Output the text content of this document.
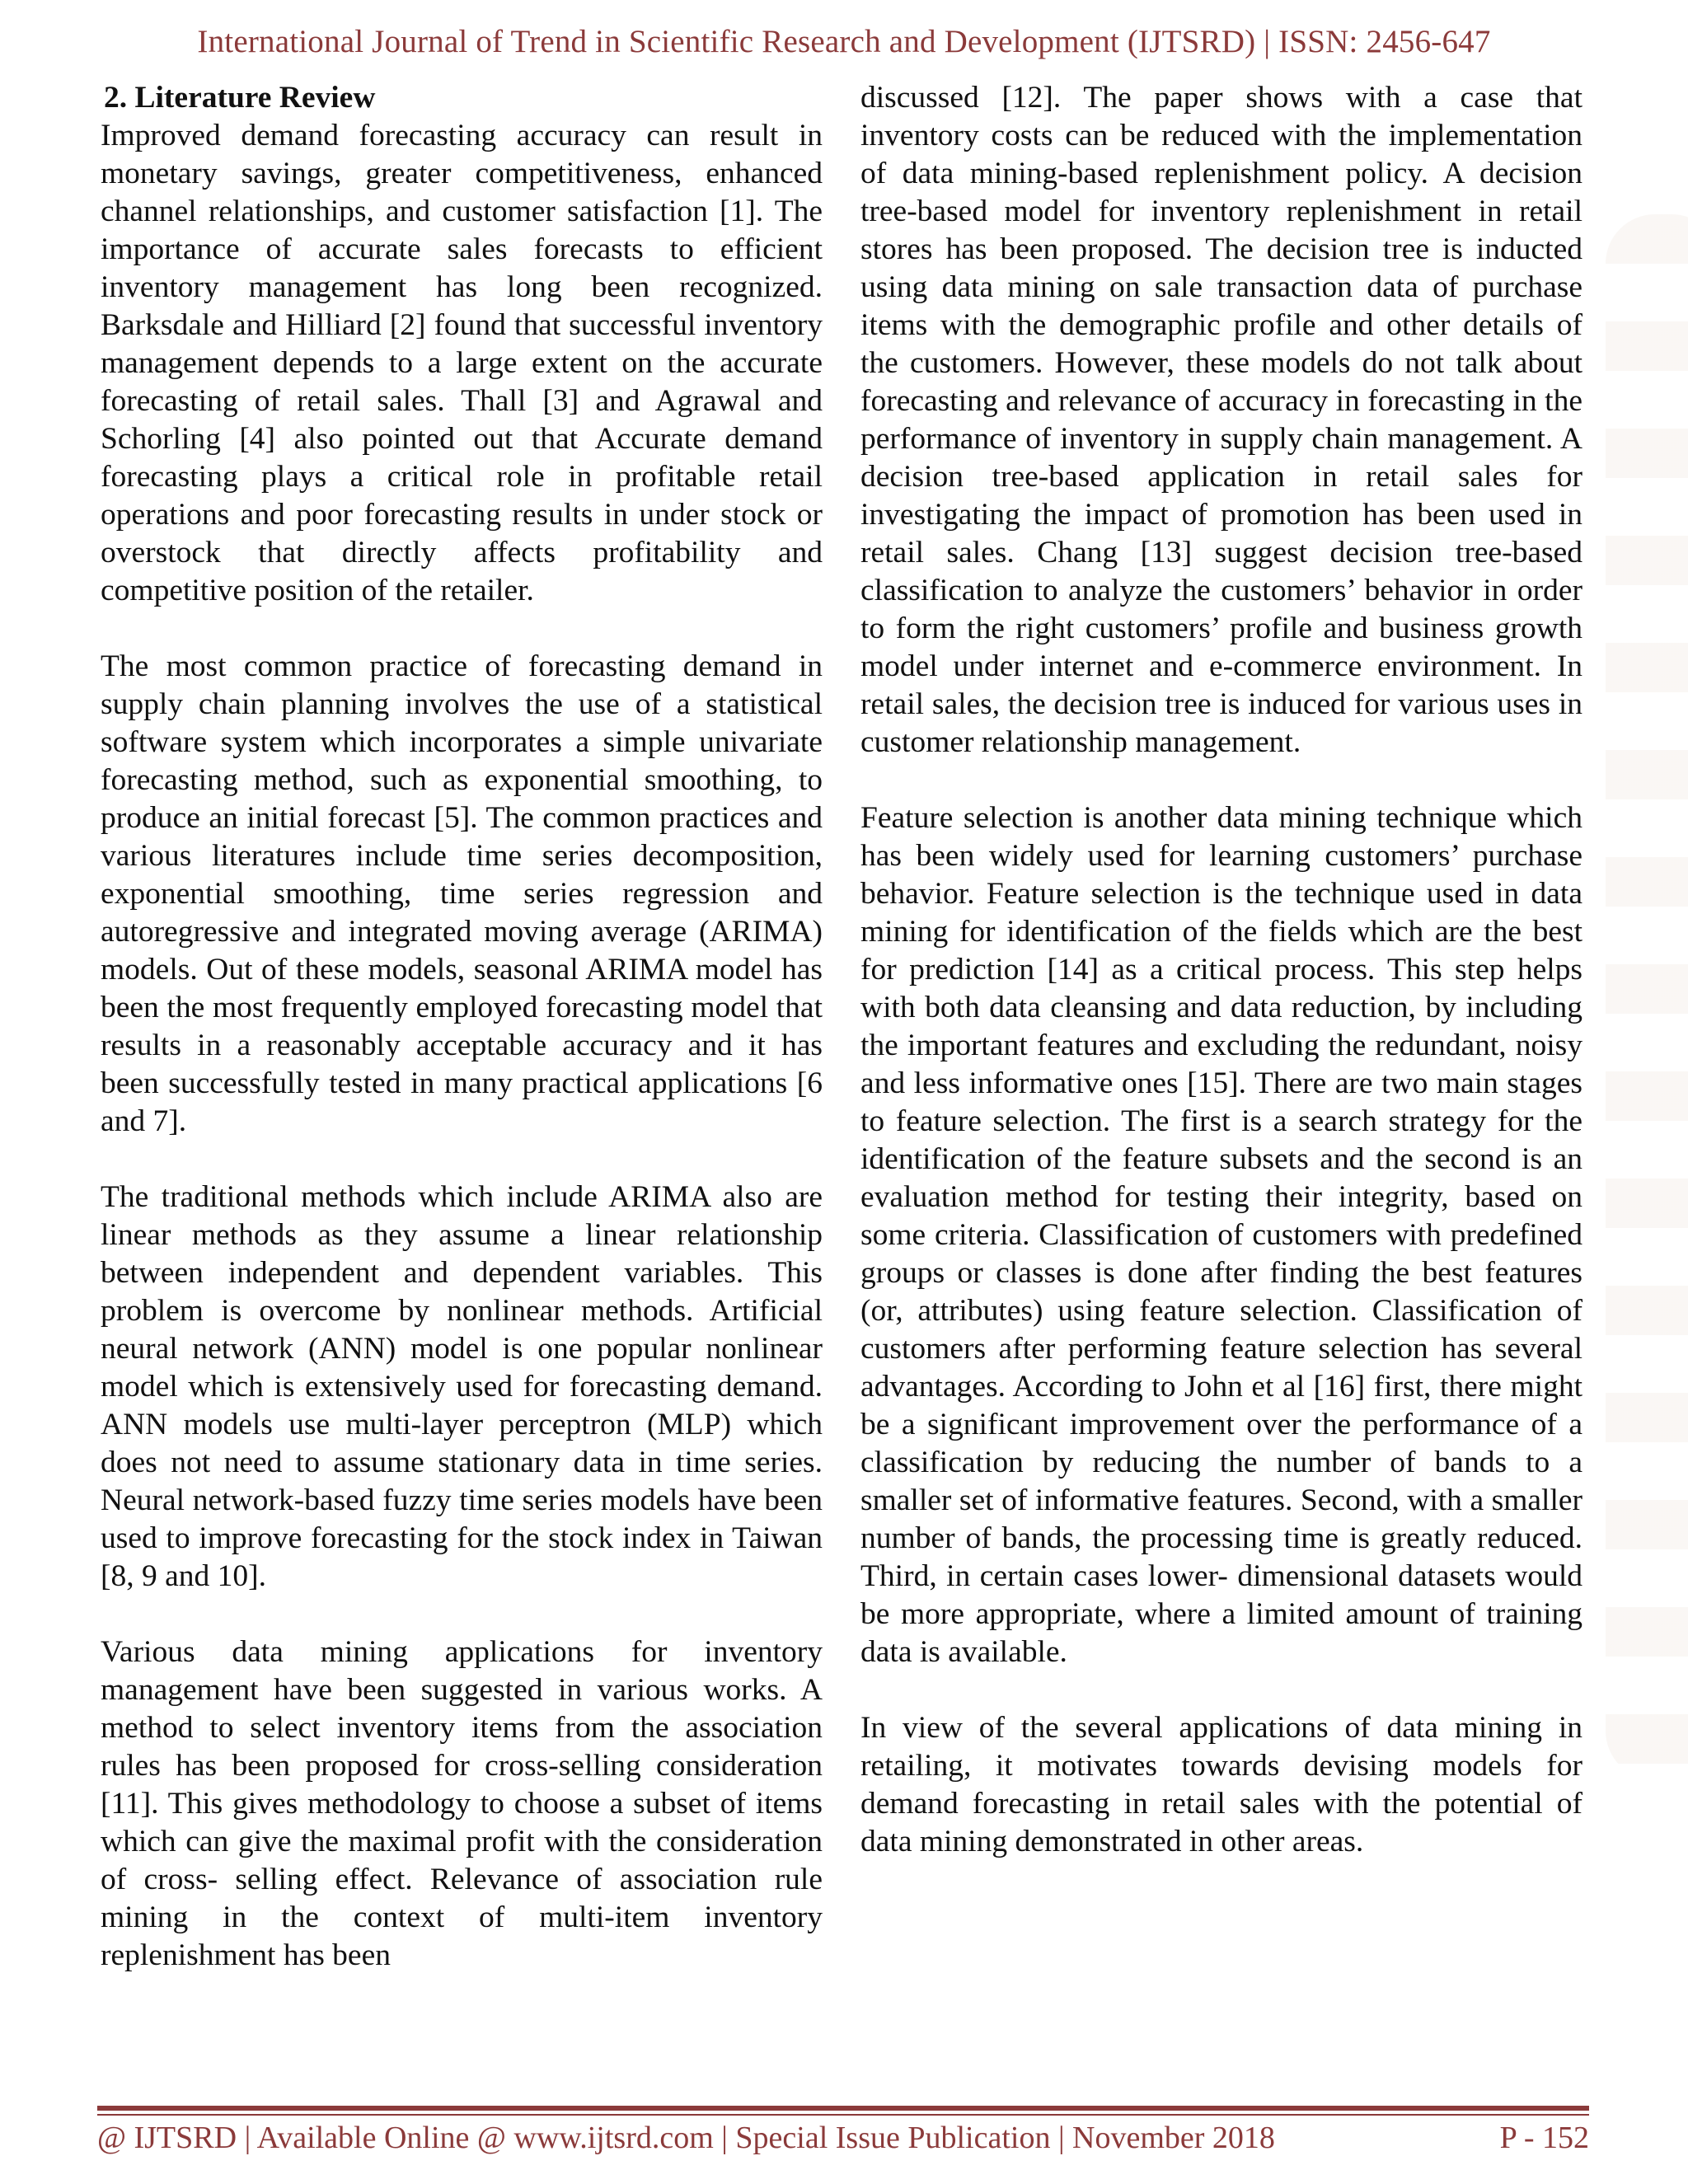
International Journal of Trend in Scientific Research and Development (IJTSRD) | ISSN: 2456-647
2. Literature Review

Improved demand forecasting accuracy can result in monetary savings, greater competitiveness, enhanced channel relationships, and customer satisfaction [1]. The importance of accurate sales forecasts to efficient inventory management has long been recognized. Barksdale and Hilliard [2] found that successful inventory management depends to a large extent on the accurate forecasting of retail sales. Thall [3] and Agrawal and Schorling [4] also pointed out that Accurate demand forecasting plays a critical role in profitable retail operations and poor forecasting results in under stock or overstock that directly affects profitability and competitive position of the retailer.

The most common practice of forecasting demand in supply chain planning involves the use of a statistical software system which incorporates a simple univariate forecasting method, such as exponential smoothing, to produce an initial forecast [5]. The common practices and various literatures include time series decomposition, exponential smoothing, time series regression and autoregressive and integrated moving average (ARIMA) models. Out of these models, seasonal ARIMA model has been the most frequently employed forecasting model that results in a reasonably acceptable accuracy and it has been successfully tested in many practical applications [6 and 7].

The traditional methods which include ARIMA also are linear methods as they assume a linear relationship between independent and dependent variables. This problem is overcome by nonlinear methods. Artificial neural network (ANN) model is one popular nonlinear model which is extensively used for forecasting demand. ANN models use multi-layer perceptron (MLP) which does not need to assume stationary data in time series. Neural network-based fuzzy time series models have been used to improve forecasting for the stock index in Taiwan [8, 9 and 10].

Various data mining applications for inventory management have been suggested in various works. A method to select inventory items from the association rules has been proposed for cross-selling consideration [11]. This gives methodology to choose a subset of items which can give the maximal profit with the consideration of cross- selling effect. Relevance of association rule mining in the context of multi-item inventory replenishment has been

discussed [12]. The paper shows with a case that inventory costs can be reduced with the implementation of data mining-based replenishment policy. A decision tree-based model for inventory replenishment in retail stores has been proposed. The decision tree is inducted using data mining on sale transaction data of purchase items with the demographic profile and other details of the customers. However, these models do not talk about forecasting and relevance of accuracy in forecasting in the performance of inventory in supply chain management. A decision tree-based application in retail sales for investigating the impact of promotion has been used in retail sales. Chang [13] suggest decision tree-based classification to analyze the customers’ behavior in order to form the right customers’ profile and business growth model under internet and e-commerce environment. In retail sales, the decision tree is induced for various uses in customer relationship management.

Feature selection is another data mining technique which has been widely used for learning customers’ purchase behavior. Feature selection is the technique used in data mining for identification of the fields which are the best for prediction [14] as a critical process. This step helps with both data cleansing and data reduction, by including the important features and excluding the redundant, noisy and less informative ones [15]. There are two main stages to feature selection. The first is a search strategy for the identification of the feature subsets and the second is an evaluation method for testing their integrity, based on some criteria. Classification of customers with predefined groups or classes is done after finding the best features (or, attributes) using feature selection. Classification of customers after performing feature selection has several advantages. According to John et al [16] first, there might be a significant improvement over the performance of a classification by reducing the number of bands to a smaller set of informative features. Second, with a smaller number of bands, the processing time is greatly reduced. Third, in certain cases lower- dimensional datasets would be more appropriate, where a limited amount of training data is available.

In view of the several applications of data mining in retailing, it motivates towards devising models for demand forecasting in retail sales with the potential of data mining demonstrated in other areas.

@ IJTSRD | Available Online @ www.ijtsrd.com | Special Issue Publication | November 2018	P - 152
